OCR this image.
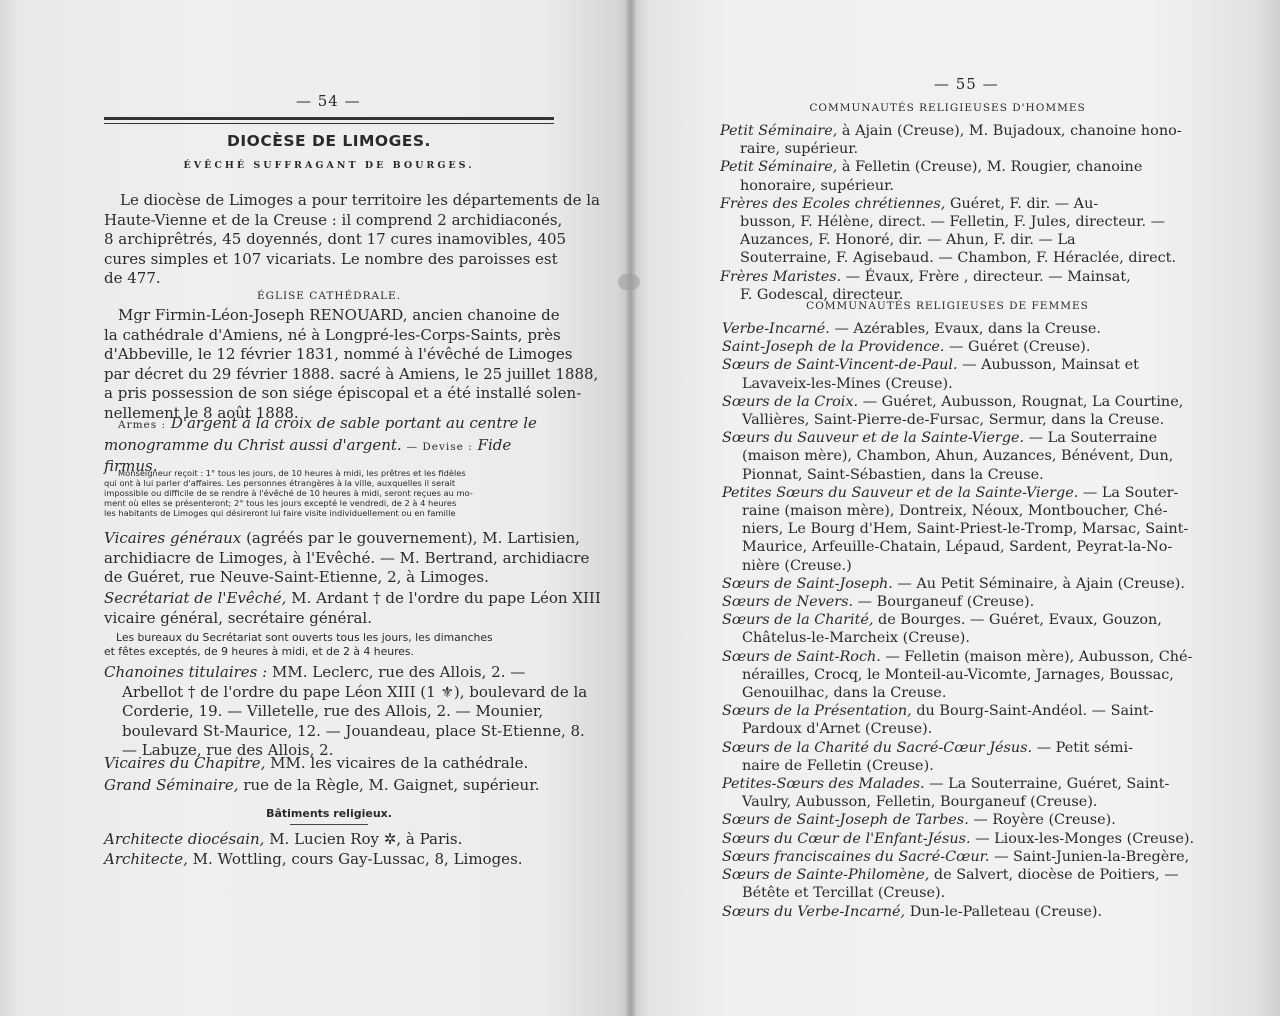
— 54 —
DIOCÈSE DE LIMOGES.
ÉVÊCHÉ SUFFRAGANT DE BOURGES.
Le diocèse de Limoges a pour territoire les départements de la
Haute-Vienne et de la Creuse : il comprend 2 archidiaconés,
8 archiprêtrés, 45 doyennés, dont 17 cures inamovibles, 405
cures simples et 107 vicariats. Le nombre des paroisses est
de 477.
ÉGLISE CATHÉDRALE.
Mgr Firmin-Léon-Joseph RENOUARD, ancien chanoine de
la cathédrale d'Amiens, né à Longpré-les-Corps-Saints, près
d'Abbeville, le 12 février 1831, nommé à l'évêché de Limoges
par décret du 29 février 1888. sacré à Amiens, le 25 juillet 1888,
a pris possession de son siége épiscopal et a été installé solen-
nellement le 8 août 1888.
Armes : D'argent à la croix de sable portant au centre le
monogramme du Christ aussi d'argent. — Devise : Fide
firmus.
Monseigneur reçoit : 1° tous les jours, de 10 heures à midi, les prêtres et les fidèles
qui ont à lui parler d'affaires. Les personnes étrangères à la ville, auxquelles il serait
impossible ou difficile de se rendre à l'évêché de 10 heures à midi, seront reçues au mo-
ment où elles se présenteront; 2° tous les jours excepté le vendredi, de 2 à 4 heures
les habitants de Limoges qui désireront lui faire visite individuellement ou en famille
Vicaires généraux (agréés par le gouvernement), M. Lartisien,
archidiacre de Limoges, à l'Evêché. — M. Bertrand, archidiacre
de Guéret, rue Neuve-Saint-Etienne, 2, à Limoges.
Secrétariat de l'Evêché, M. Ardant † de l'ordre du pape Léon XIII
vicaire général, secrétaire général.
Les bureaux du Secrétariat sont ouverts tous les jours, les dimanches
et fêtes exceptés, de 9 heures à midi, et de 2 à 4 heures.
Chanoines titulaires : MM. Leclerc, rue des Allois, 2. —
Arbellot † de l'ordre du pape Léon XIII (1 ⚜), boulevard de la
Corderie, 19. — Villetelle, rue des Allois, 2. — Mounier,
boulevard St-Maurice, 12. — Jouandeau, place St-Etienne, 8.
— Labuze, rue des Allois, 2.
Vicaires du Chapitre, MM. les vicaires de la cathédrale.
Grand Séminaire, rue de la Règle, M. Gaignet, supérieur.
Bâtiments religieux.
Architecte diocésain, M. Lucien Roy ✲, à Paris.
Architecte, M. Wottling, cours Gay-Lussac, 8, Limoges.
— 55 —
COMMUNAUTÉS RELIGIEUSES D'HOMMES
Petit Séminaire, à Ajain (Creuse), M. Bujadoux, chanoine hono-
raire, supérieur.
Petit Séminaire, à Felletin (Creuse), M. Rougier, chanoine
honoraire, supérieur.
Frères des Ecoles chrétiennes, Guéret, F. dir. — Au-
busson, F. Hélène, direct. — Felletin, F. Jules, directeur. —
Auzances, F. Honoré, dir. — Ahun, F. dir. — La
Souterraine, F. Agisebaud. — Chambon, F. Héraclée, direct.
Frères Maristes. — Évaux, Frère , directeur. — Mainsat,
F. Godescal, directeur.
COMMUNAUTÉS RELIGIEUSES DE FEMMES
Verbe-Incarné. — Azérables, Evaux, dans la Creuse.
Saint-Joseph de la Providence. — Guéret (Creuse).
Sœurs de Saint-Vincent-de-Paul. — Aubusson, Mainsat et
Lavaveix-les-Mines (Creuse).
Sœurs de la Croix. — Guéret, Aubusson, Rougnat, La Courtine,
Vallières, Saint-Pierre-de-Fursac, Sermur, dans la Creuse.
Sœurs du Sauveur et de la Sainte-Vierge. — La Souterraine
(maison mère), Chambon, Ahun, Auzances, Bénévent, Dun,
Pionnat, Saint-Sébastien, dans la Creuse.
Petites Sœurs du Sauveur et de la Sainte-Vierge. — La Souter-
raine (maison mère), Dontreix, Néoux, Montboucher, Ché-
niers, Le Bourg d'Hem, Saint-Priest-le-Tromp, Marsac, Saint-
Maurice, Arfeuille-Chatain, Lépaud, Sardent, Peyrat-la-No-
nière (Creuse.)
Sœurs de Saint-Joseph. — Au Petit Séminaire, à Ajain (Creuse).
Sœurs de Nevers. — Bourganeuf (Creuse).
Sœurs de la Charité, de Bourges. — Guéret, Evaux, Gouzon,
Châtelus-le-Marcheix (Creuse).
Sœurs de Saint-Roch. — Felletin (maison mère), Aubusson, Ché-
nérailles, Crocq, le Monteil-au-Vicomte, Jarnages, Boussac,
Genouilhac, dans la Creuse.
Sœurs de la Présentation, du Bourg-Saint-Andéol. — Saint-
Pardoux d'Arnet (Creuse).
Sœurs de la Charité du Sacré-Cœur Jésus. — Petit sémi-
naire de Felletin (Creuse).
Petites-Sœurs des Malades. — La Souterraine, Guéret, Saint-
Vaulry, Aubusson, Felletin, Bourganeuf (Creuse).
Sœurs de Saint-Joseph de Tarbes. — Royère (Creuse).
Sœurs du Cœur de l'Enfant-Jésus. — Lioux-les-Monges (Creuse).
Sœurs franciscaines du Sacré-Cœur. — Saint-Junien-la-Bregère,
Sœurs de Sainte-Philomène, de Salvert, diocèse de Poitiers, —
Bétête et Tercillat (Creuse).
Sœurs du Verbe-Incarné, Dun-le-Palleteau (Creuse).
